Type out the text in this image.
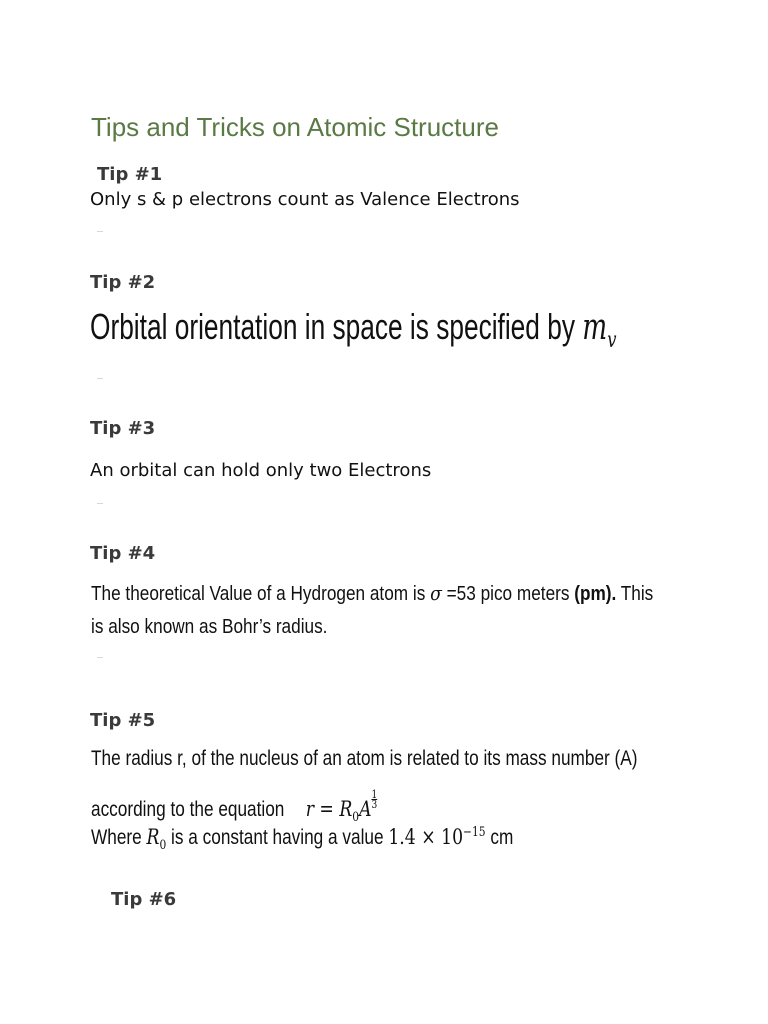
Tips and Tricks on Atomic Structure
Tip #1
Only s & p electrons count as Valence Electrons
Tip #2
Orbital orientation in space is specified by $m_v$
Tip #3
An orbital can hold only two Electrons
Tip #4
The theoretical Value of a Hydrogen atom is σ =53 pico meters (pm). This
is also known as Bohr’s radius.
Tip #5
The radius r, of the nucleus of an atom is related to its mass number (A)
according to the equation $r = R_0A \frac{1}{3}$
Where $R_0$ is a constant having a value $1.4 \times 10^{-15}$ cm
Tip #6
